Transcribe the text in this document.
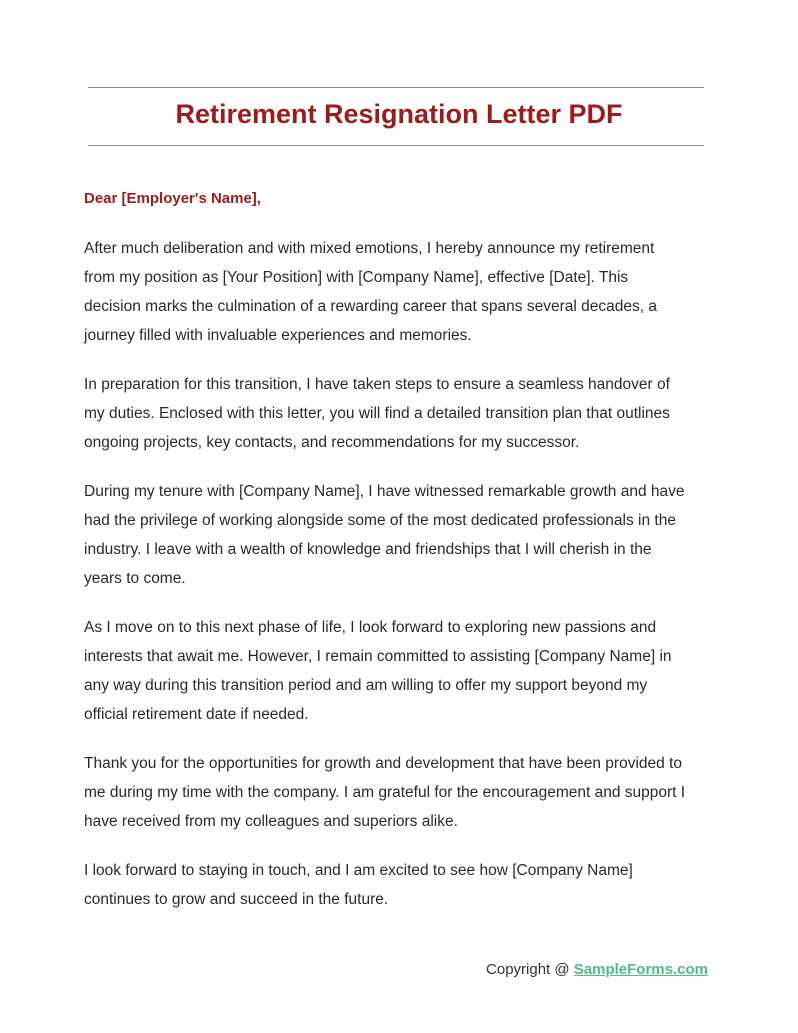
Retirement Resignation Letter PDF
Dear [Employer's Name],
After much deliberation and with mixed emotions, I hereby announce my retirement
from my position as [Your Position] with [Company Name], effective [Date]. This
decision marks the culmination of a rewarding career that spans several decades, a
journey filled with invaluable experiences and memories.
In preparation for this transition, I have taken steps to ensure a seamless handover of
my duties. Enclosed with this letter, you will find a detailed transition plan that outlines
ongoing projects, key contacts, and recommendations for my successor.
During my tenure with [Company Name], I have witnessed remarkable growth and have
had the privilege of working alongside some of the most dedicated professionals in the
industry. I leave with a wealth of knowledge and friendships that I will cherish in the
years to come.
As I move on to this next phase of life, I look forward to exploring new passions and
interests that await me. However, I remain committed to assisting [Company Name] in
any way during this transition period and am willing to offer my support beyond my
official retirement date if needed.
Thank you for the opportunities for growth and development that have been provided to
me during my time with the company. I am grateful for the encouragement and support I
have received from my colleagues and superiors alike.
I look forward to staying in touch, and I am excited to see how [Company Name]
continues to grow and succeed in the future.
Copyright @ SampleForms.com
